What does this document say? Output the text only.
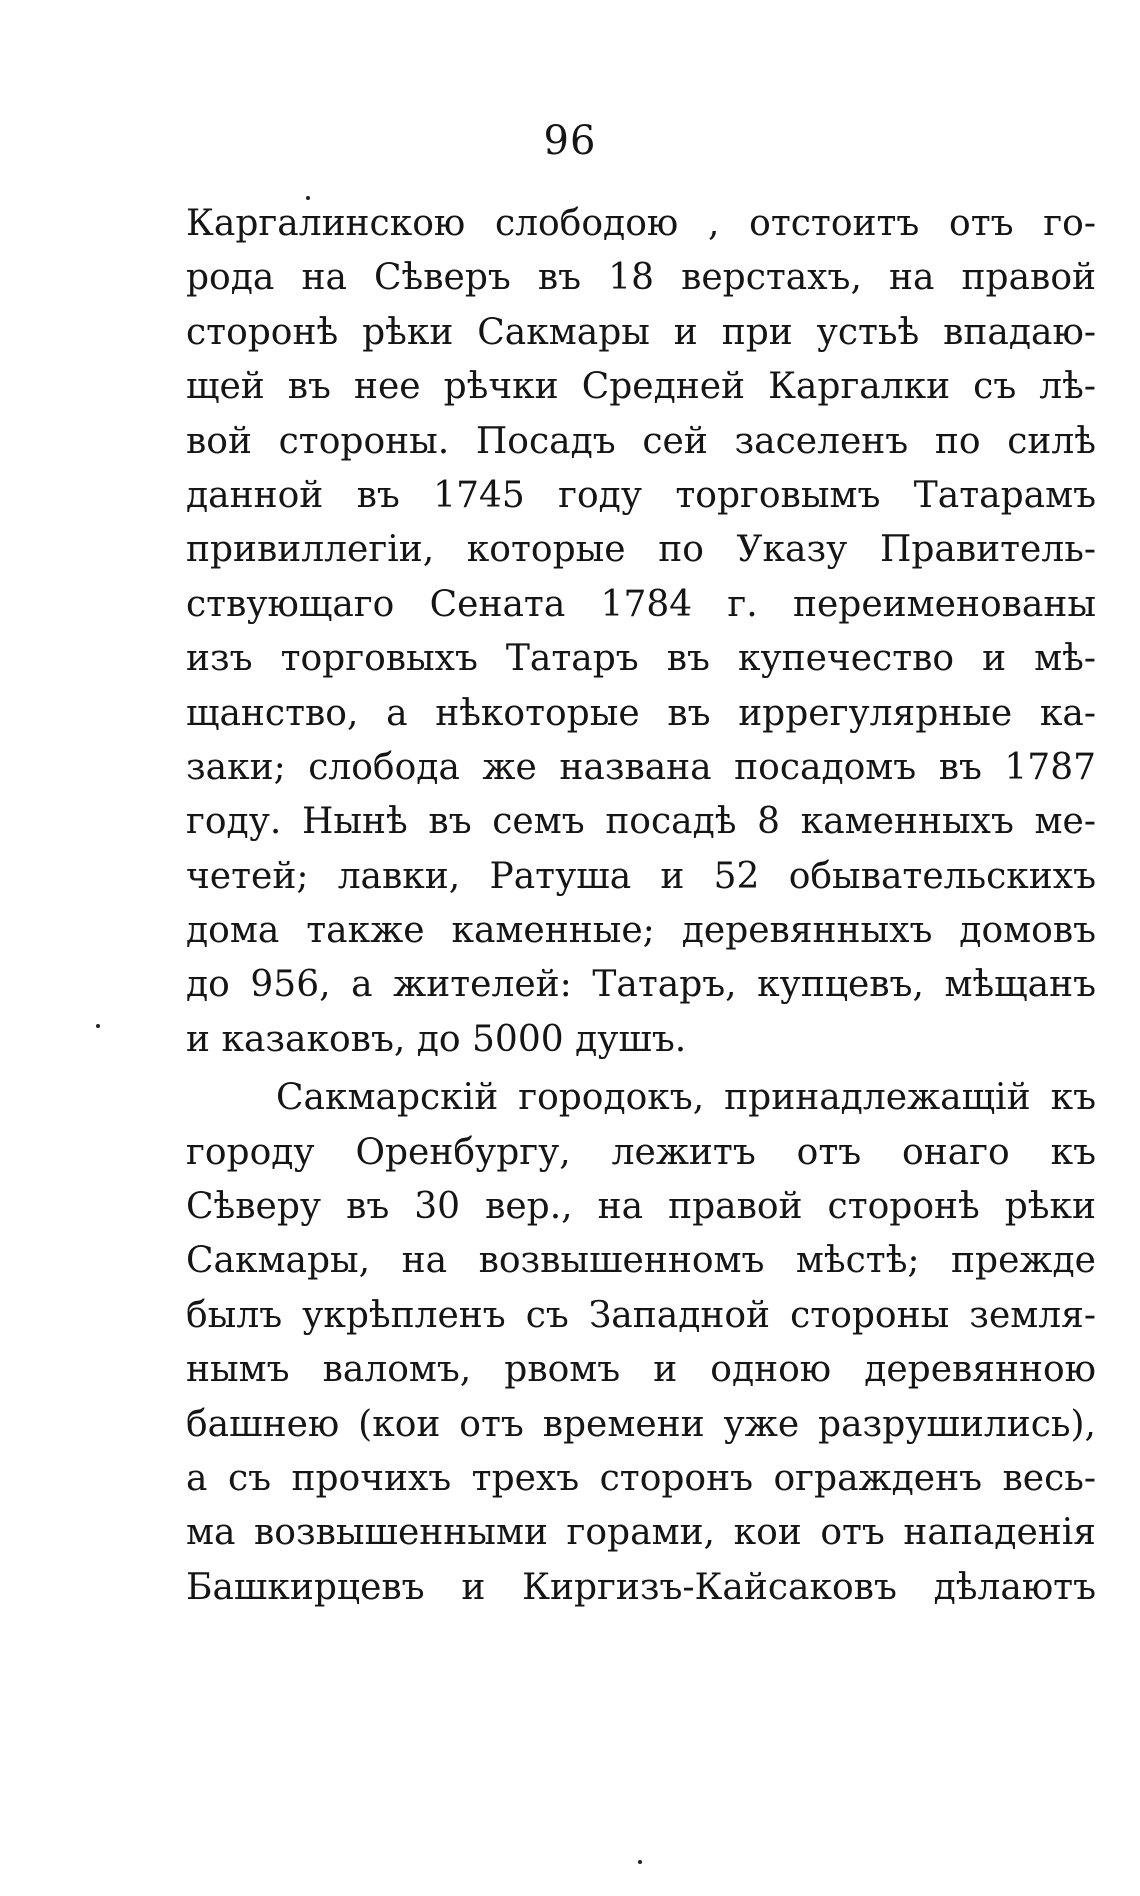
96
Каргалинскою слободою , отстоитъ отъ го-
рода на Сѣверъ въ 18 верстахъ, на правой
сторонѣ рѣки Сакмары и при устьѣ впадаю-
щей въ нее рѣчки Средней Каргалки съ лѣ-
вой стороны. Посадъ сей заселенъ по силѣ
данной въ 1745 году торговымъ Татарамъ
привиллегіи, которые по Указу Правитель-
ствующаго Сената 1784 г. переименованы
изъ торговыхъ Татаръ въ купечество и мѣ-
щанство, а нѣкоторые въ иррегулярные ка-
заки; слобода же названа посадомъ въ 1787
году. Нынѣ въ семъ посадѣ 8 каменныхъ ме-
четей; лавки, Ратуша и 52 обывательскихъ
дома также каменные; деревянныхъ домовъ
до 956, а жителей: Татаръ, купцевъ, мѣщанъ
и казаковъ, до 5000 душъ.
Сакмарскій городокъ, принадлежащій къ
городу Оренбургу, лежитъ отъ онаго къ
Сѣверу въ 30 вер., на правой сторонѣ рѣки
Сакмары, на возвышенномъ мѣстѣ; прежде
былъ укрѣпленъ съ Западной стороны земля-
нымъ валомъ, рвомъ и одною деревянною
башнею (кои отъ времени уже разрушились),
а съ прочихъ трехъ сторонъ огражденъ весь-
ма возвышенными горами, кои отъ нападенія
Башкирцевъ и Киргизъ-Кайсаковъ дѣлаютъ
